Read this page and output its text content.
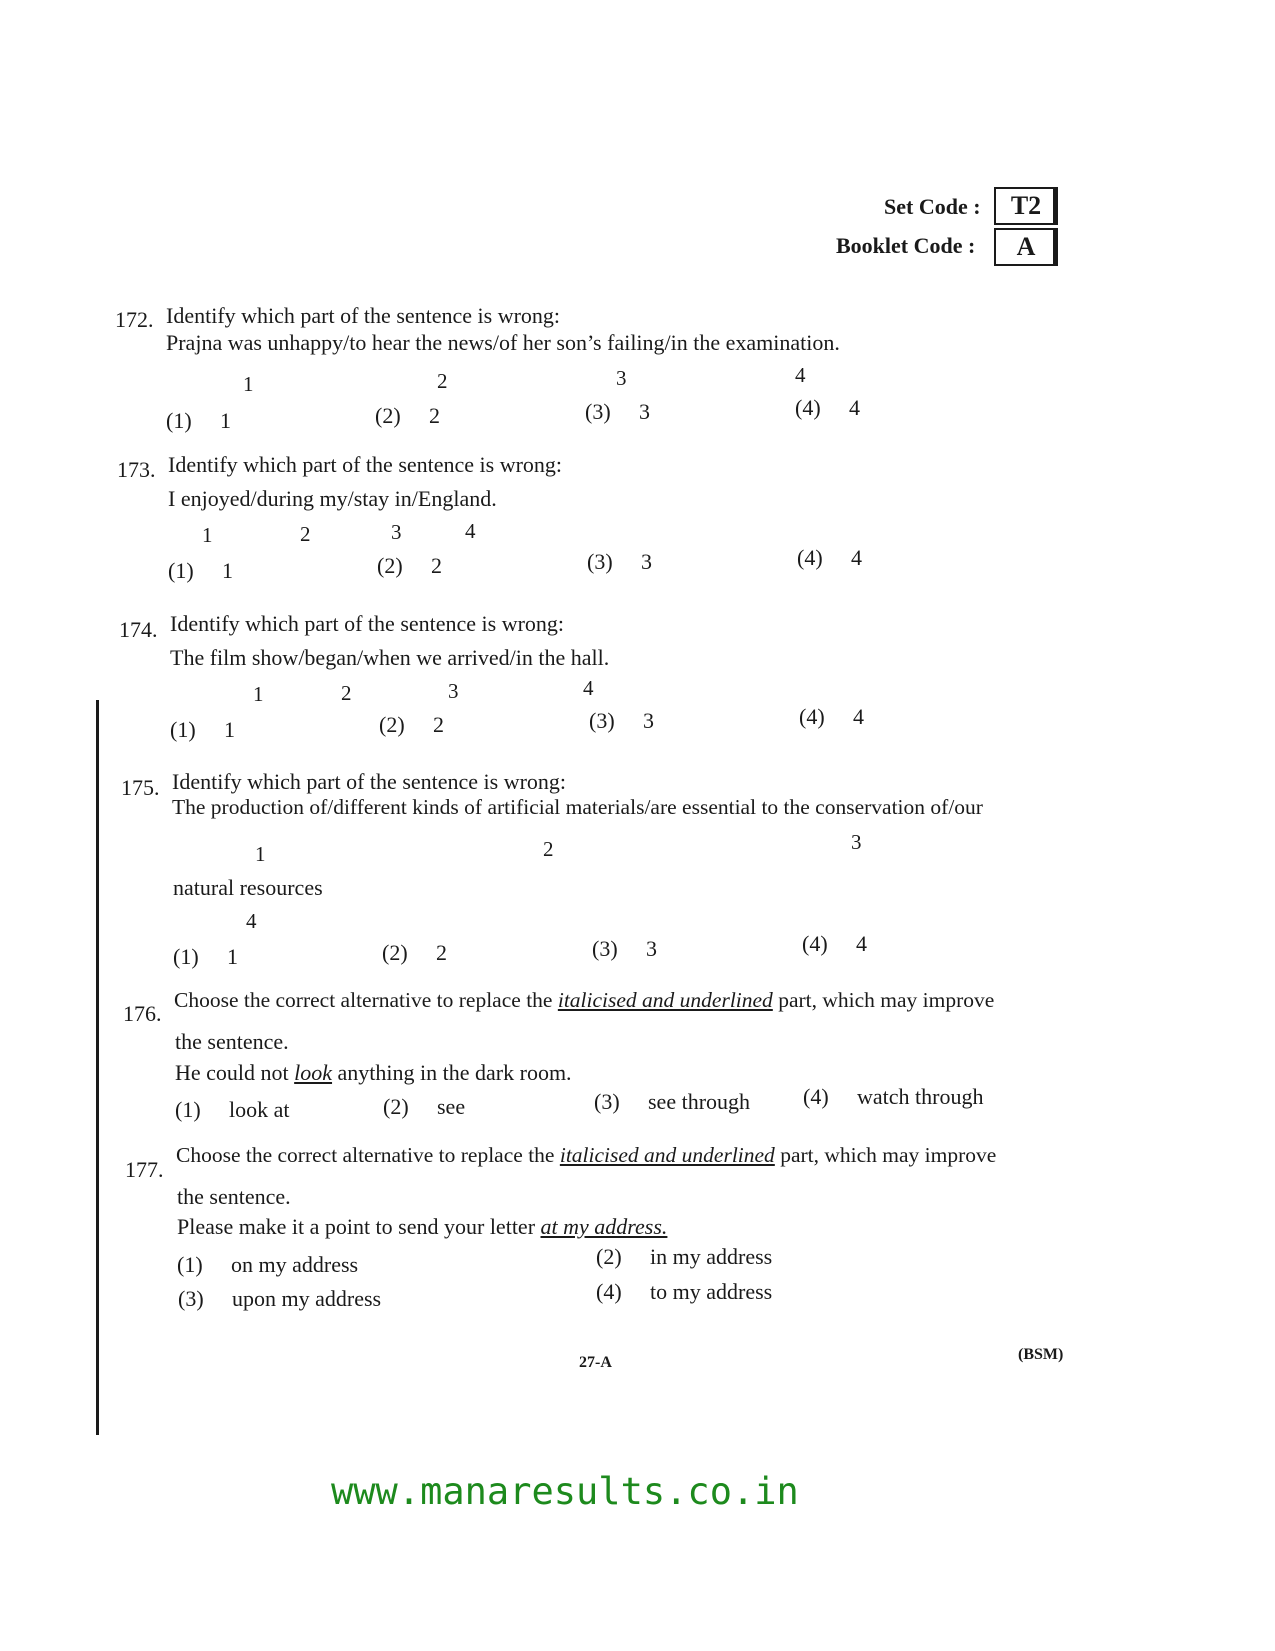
Set Code :	T2
Booklet Code :	A
172. Identify which part of the sentence is wrong:
Prajna was unhappy/to hear the news/of her son’s failing/in the examination.
1	2	3	4
(1) 1	(2) 2	(3) 3	(4) 4
173. Identify which part of the sentence is wrong:
I enjoyed/during my/stay in/England.
1	2	3	4
(1) 1	(2) 2	(3) 3	(4) 4
174. Identify which part of the sentence is wrong:
The film show/began/when we arrived/in the hall.
1	2	3	4
(1) 1	(2) 2	(3) 3	(4) 4
175. Identify which part of the sentence is wrong:
The production of/different kinds of artificial materials/are essential to the conservation of/our
1	2	3
natural resources
4
(1) 1	(2) 2	(3) 3	(4) 4
176.
Choose the correct alternative to replace the italicised and underlined part, which may improve
the sentence.
He could not look anything in the dark room.
(1) look at	(2) see	(3) see through (4) watch through
177.
Choose the correct alternative to replace the italicised and underlined part, which may improve
the sentence.
Please make it a point to send your letter at my address.
(1) on my address	(2) in my address
(3) upon my address	(4) to my address
27-A	(BSM)
www.manaresults.co.in
